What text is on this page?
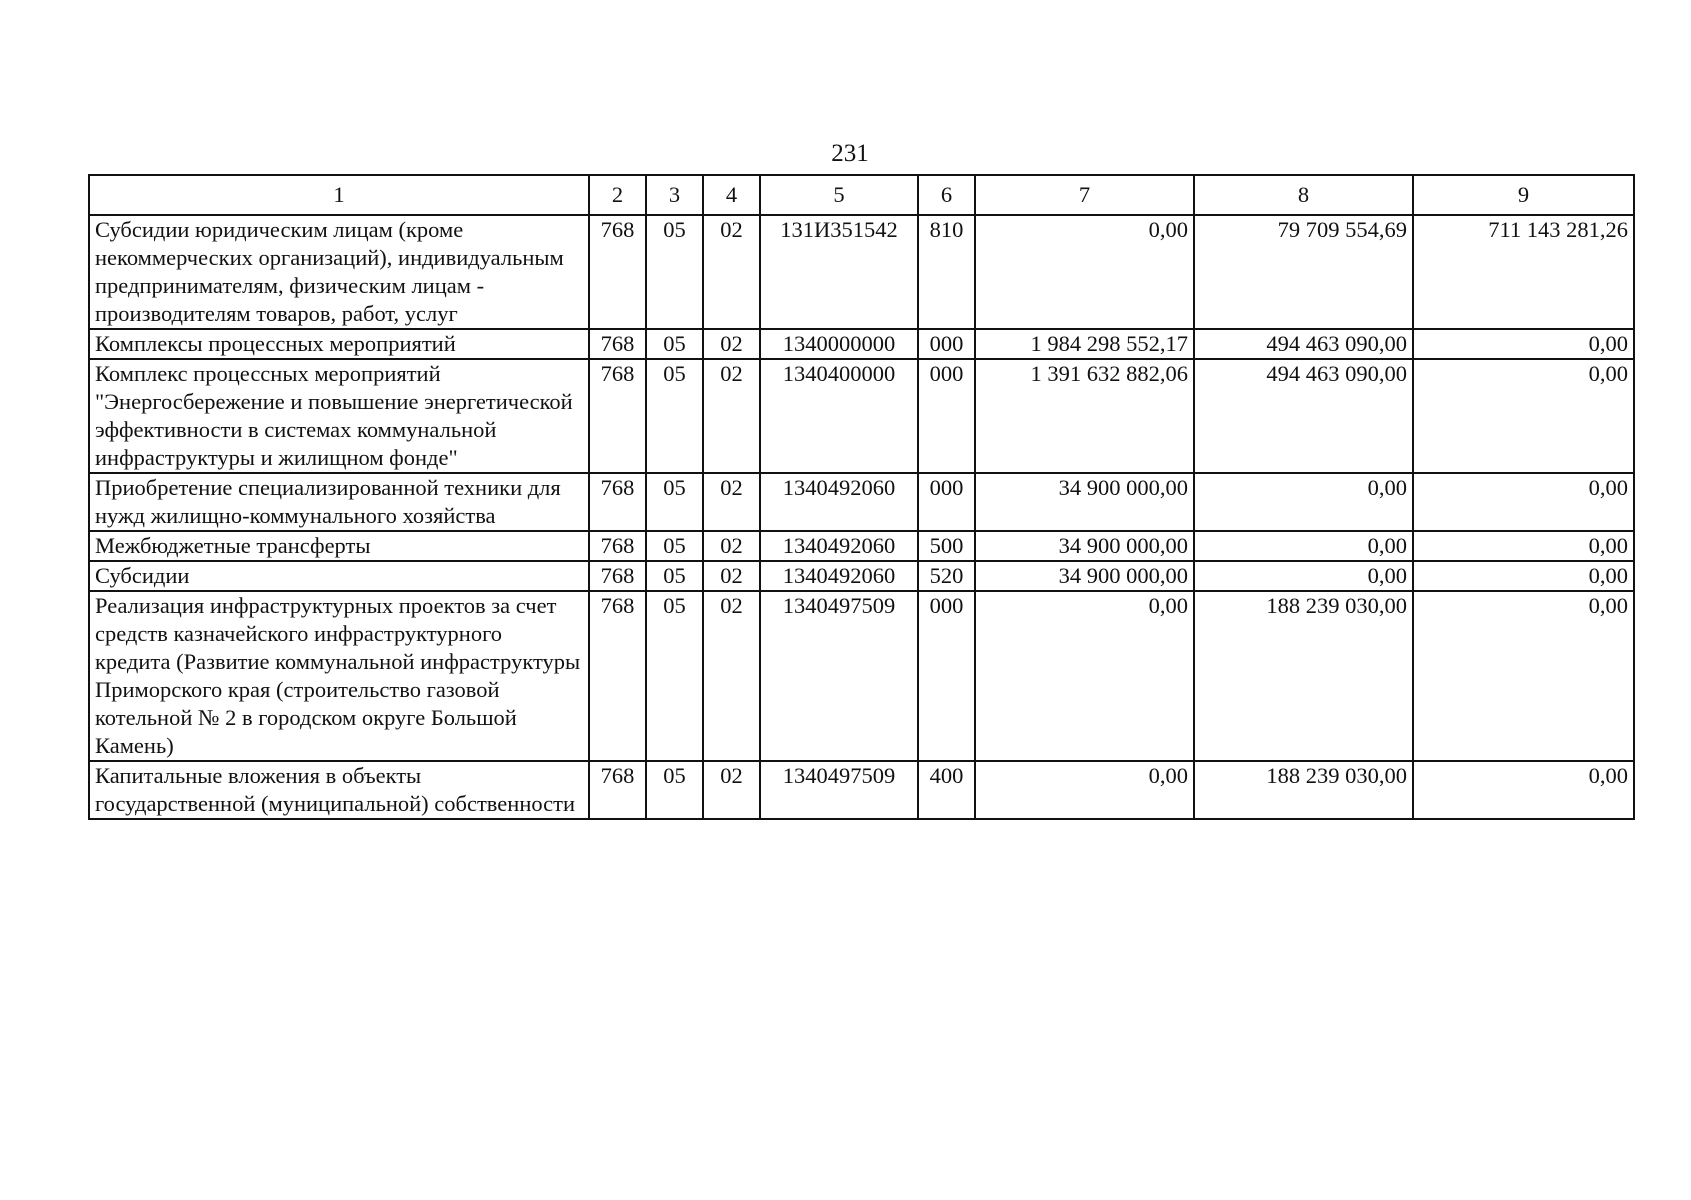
231
1	2	3	4	5	6	7	8	9
Субсидии юридическим лицам (кроме некоммерческих организаций), индивидуальным предпринимателям, физическим лицам - производителям товаров, работ, услуг	768	05	02	131И351542	810	0,00	79 709 554,69	711 143 281,26
Комплексы процессных мероприятий	768	05	02	1340000000	000	1 984 298 552,17	494 463 090,00	0,00
Комплекс процессных мероприятий "Энергосбережение и повышение энергетической эффективности в системах коммунальной инфраструктуры и жилищном фонде"	768	05	02	1340400000	000	1 391 632 882,06	494 463 090,00	0,00
Приобретение специализированной техники для нужд жилищно-коммунального хозяйства	768	05	02	1340492060	000	34 900 000,00	0,00	0,00
Межбюджетные трансферты	768	05	02	1340492060	500	34 900 000,00	0,00	0,00
Субсидии	768	05	02	1340492060	520	34 900 000,00	0,00	0,00
Реализация инфраструктурных проектов за счет средств казначейского инфраструктурного кредита (Развитие коммунальной инфраструктуры Приморского края (строительство газовой котельной № 2 в городском округе Большой Камень)	768	05	02	1340497509	000	0,00	188 239 030,00	0,00
Капитальные вложения в объекты государственной (муниципальной) собственности	768	05	02	1340497509	400	0,00	188 239 030,00	0,00
